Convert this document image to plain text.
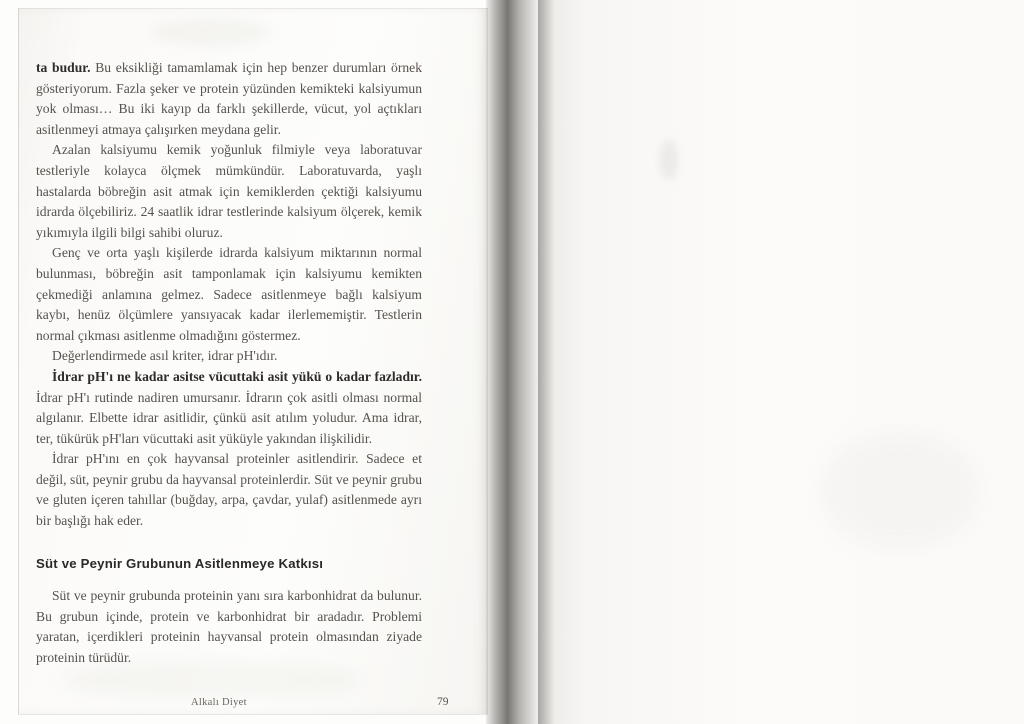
ta budur. Bu eksikliği tamamlamak için hep benzer durumları örnek gösteriyorum. Fazla şeker ve protein yüzünden kemikteki kalsiyumun yok olması… Bu iki kayıp da farklı şekillerde, vücut, yol açtıkları asitlenmeyi atmaya çalışırken meydana gelir.

Azalan kalsiyumu kemik yoğunluk filmiyle veya laboratuvar testleriyle kolayca ölçmek mümkündür. Laboratuvarda, yaşlı hastalarda böbreğin asit atmak için kemiklerden çektiği kalsiyumu idrarda ölçebiliriz. 24 saatlik idrar testlerinde kalsiyum ölçerek, kemik yıkımıyla ilgili bilgi sahibi oluruz.

Genç ve orta yaşlı kişilerde idrarda kalsiyum miktarının normal bulunması, böbreğin asit tamponlamak için kalsiyumu kemikten çekmediği anlamına gelmez. Sadece asitlenmeye bağlı kalsiyum kaybı, henüz ölçümlere yansıyacak kadar ilerlememiştir. Testlerin normal çıkması asitlenme olmadığını göstermez.

Değerlendirmede asıl kriter, idrar pH'ıdır.

İdrar pH'ı ne kadar asitse vücuttaki asit yükü o kadar fazladır. İdrar pH'ı rutinde nadiren umursanır. İdrarın çok asitli olması normal algılanır. Elbette idrar asitlidir, çünkü asit atılım yoludur. Ama idrar, ter, tükürük pH'ları vücuttaki asit yüküyle yakından ilişkilidir.

İdrar pH'ını en çok hayvansal proteinler asitlendirir. Sadece et değil, süt, peynir grubu da hayvansal proteinlerdir. Süt ve peynir grubu ve gluten içeren tahıllar (buğday, arpa, çavdar, yulaf) asitlenmede ayrı bir başlığı hak eder.

Süt ve Peynir Grubunun Asitlenmeye Katkısı

Süt ve peynir grubunda proteinin yanı sıra karbonhidrat da bulunur. Bu grubun içinde, protein ve karbonhidrat bir aradadır. Problemi yaratan, içerdikleri proteinin hayvansal protein olmasından ziyade proteinin türüdür.

Alkalı Diyet	79
